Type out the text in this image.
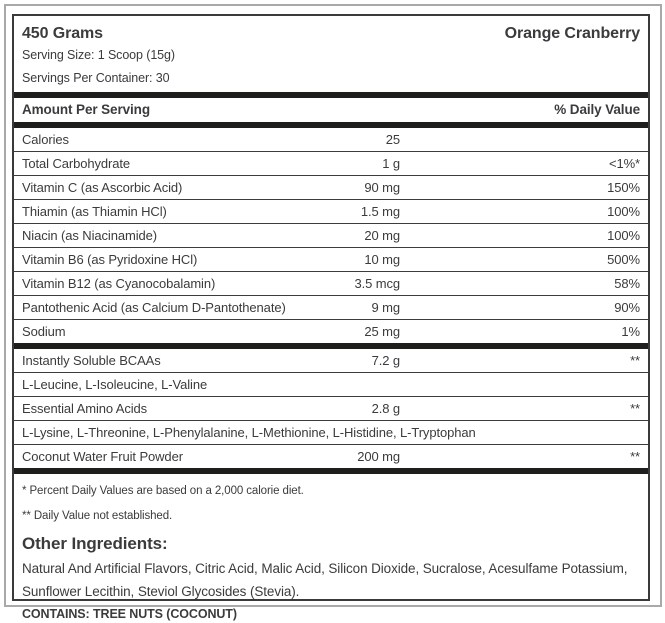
450 Grams	Orange Cranberry
Serving Size: 1 Scoop (15g)
Servings Per Container: 30
Amount Per Serving	% Daily Value
Calories	25
Total Carbohydrate	1 g	<1%*
Vitamin C (as Ascorbic Acid)	90 mg	150%
Thiamin (as Thiamin HCl)	1.5 mg	100%
Niacin (as Niacinamide)	20 mg	100%
Vitamin B6 (as Pyridoxine HCl)	10 mg	500%
Vitamin B12 (as Cyanocobalamin)	3.5 mcg	58%
Pantothenic Acid (as Calcium D-Pantothenate)	9 mg	90%
Sodium	25 mg	1%
Instantly Soluble BCAAs	7.2 g	**
L-Leucine, L-Isoleucine, L-Valine
Essential Amino Acids	2.8 g	**
L-Lysine, L-Threonine, L-Phenylalanine, L-Methionine, L-Histidine, L-Tryptophan
Coconut Water Fruit Powder	200 mg	**
* Percent Daily Values are based on a 2,000 calorie diet.
** Daily Value not established.
Other Ingredients:
Natural And Artificial Flavors, Citric Acid, Malic Acid, Silicon Dioxide, Sucralose, Acesulfame Potassium, Sunflower Lecithin, Steviol Glycosides (Stevia).
CONTAINS: TREE NUTS (COCONUT)
